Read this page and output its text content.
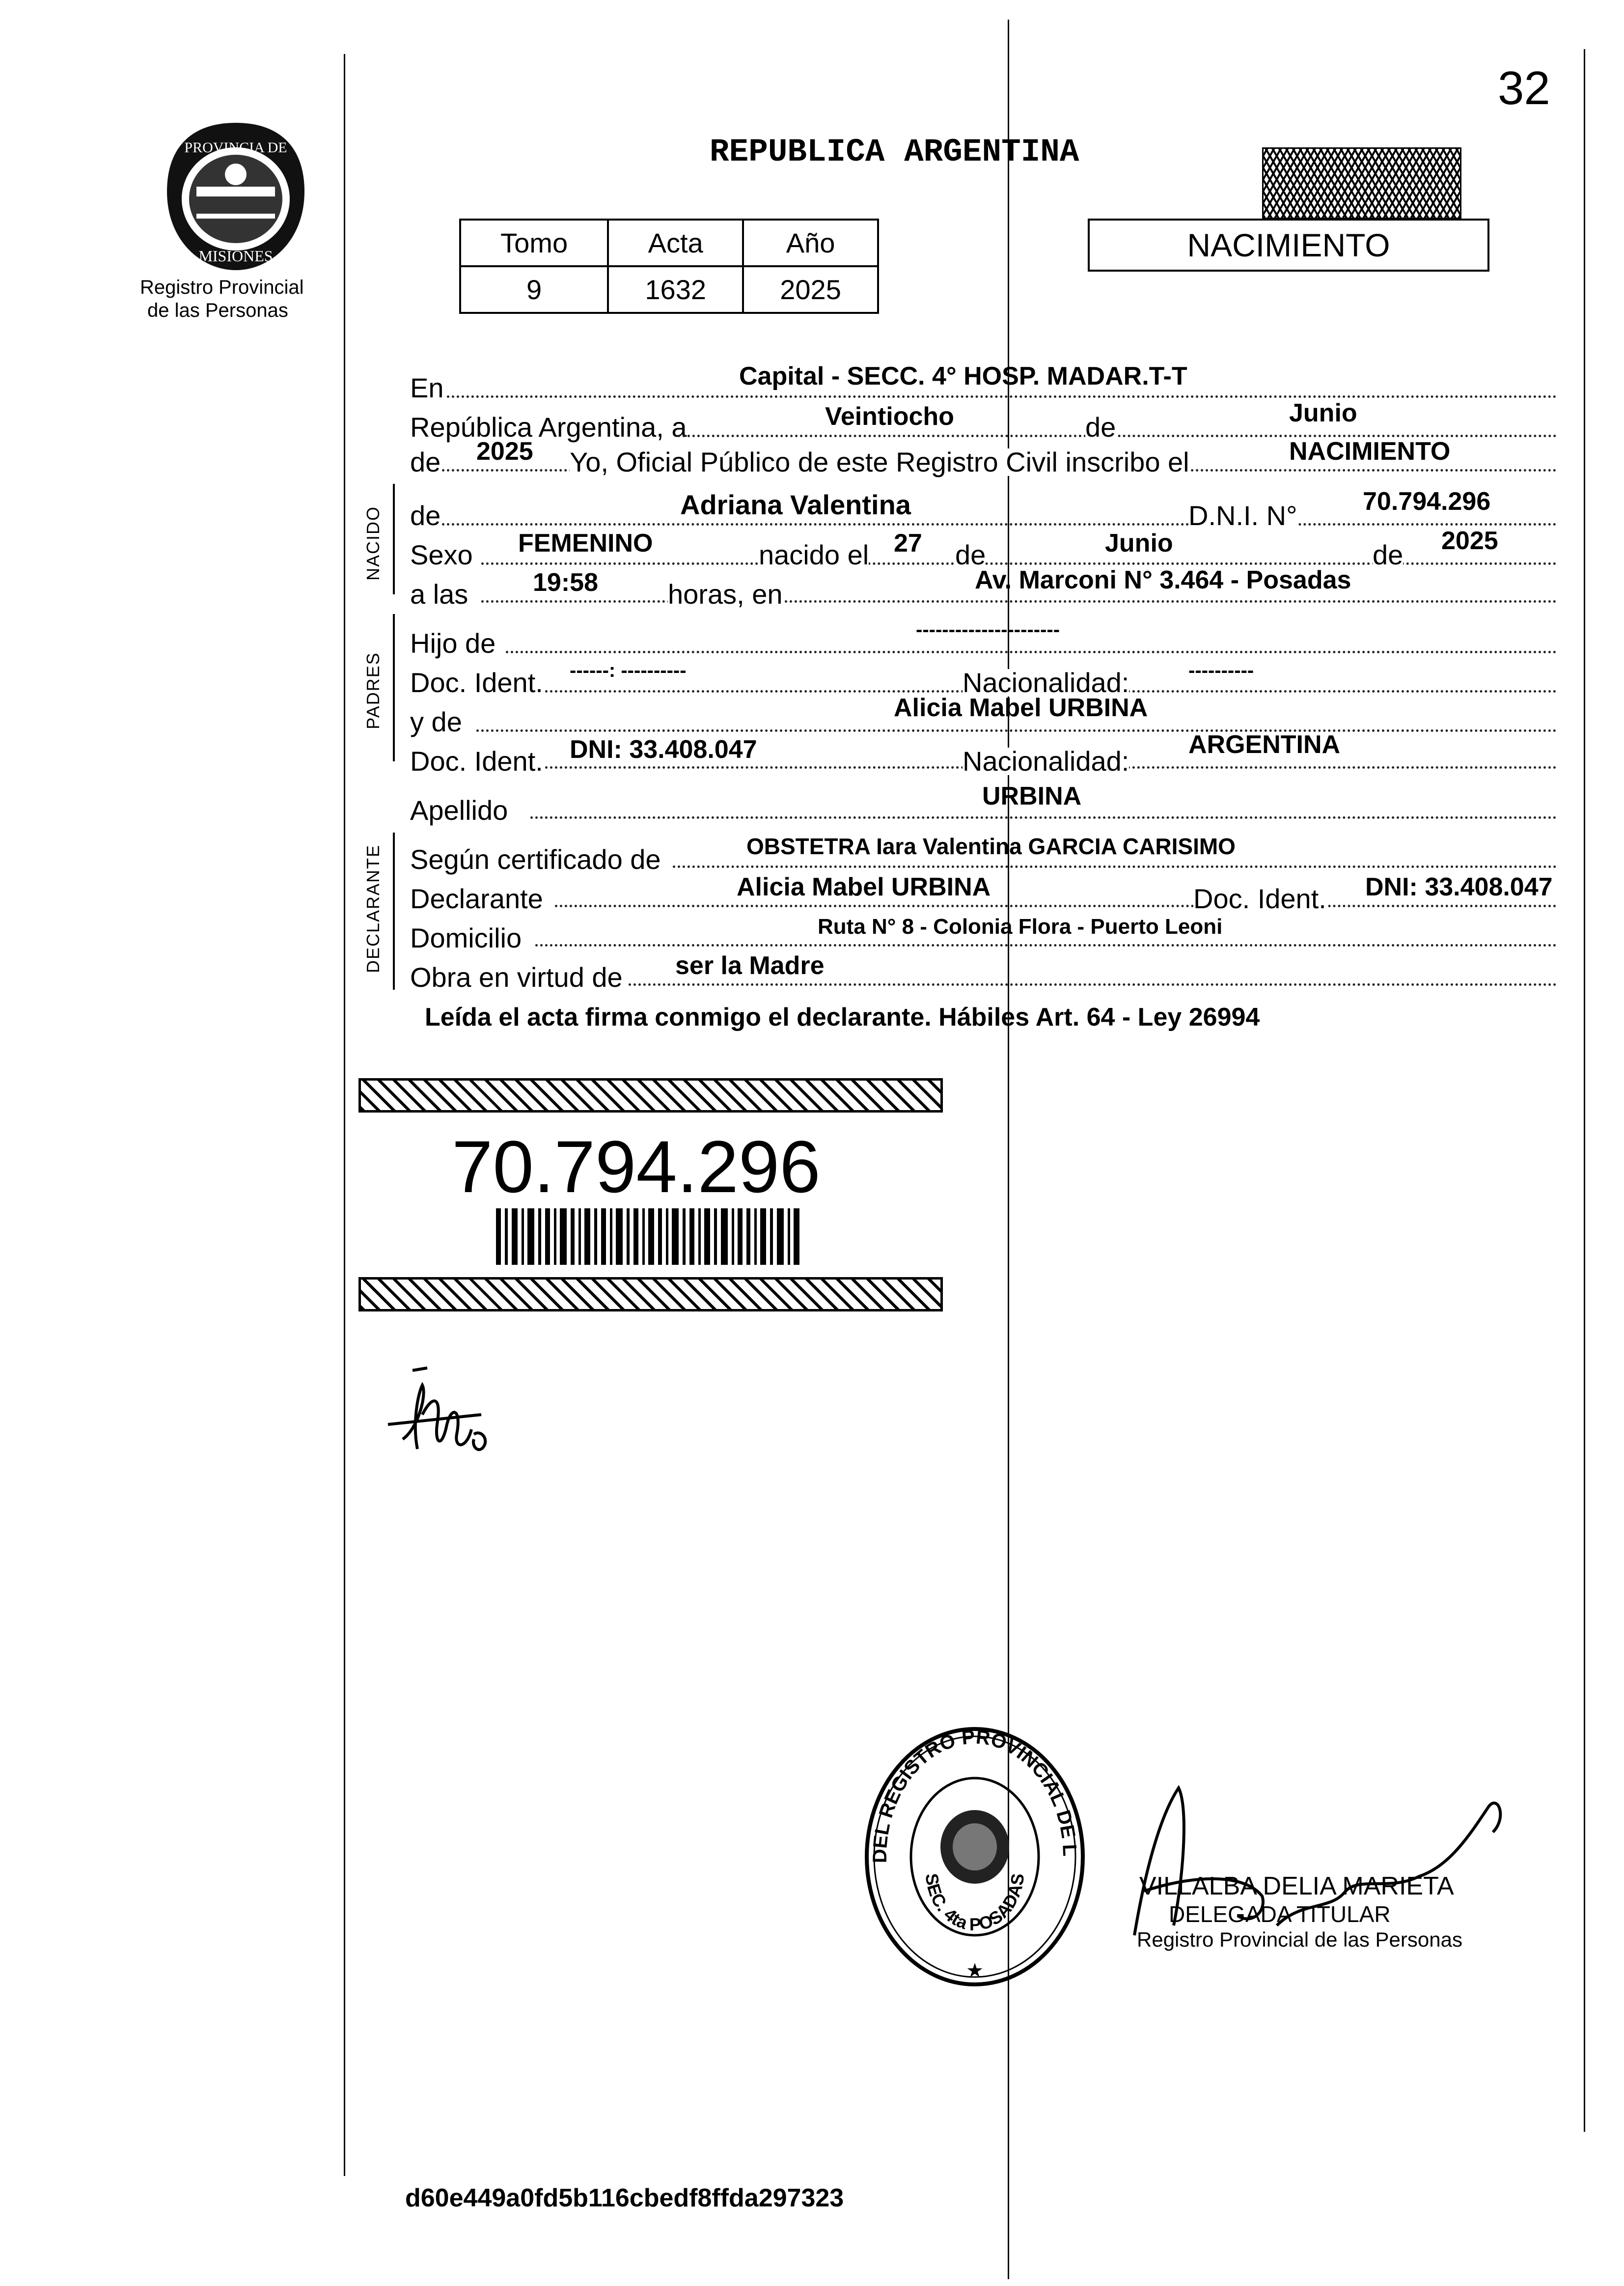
32
PROVINCIA DE
MISIONES
Registro Provincial
de las Personas
REPUBLICA ARGENTINA
NACIMIENTO
Tomo	Acta	Año
9	1632	2025
En	Capital - SECC. 4° HOSP. MADAR.T-T
República Argentina, a	Veintiocho	de	Junio
de 2025 Yo, Oficial Público de este Registro Civil inscribo el	NACIMIENTO
NACIDO de	Adriana Valentina	D.N.I. N°	70.794.296
Sexo FEMENINO	nacido el 27 de	Junio	de 2025
a las	19:58	horas, en	Av. Marconi N° 3.464 - Posadas
PADRES
Hijo de	----------------------
Doc. Ident. ------: ----------	Nacionalidad:	----------
y de	Alicia Mabel URBINA
Doc. Ident. DNI: 33.408.047	Nacionalidad:
ARGENTINA
Apellido	URBINA
DECLARANTE Según certificado de	OBSTETRA Iara Valentina GARCIA CARISIMO
Declarante	Alicia Mabel URBINA	Doc. Ident. DNI: 33.408.047
Domicilio	Ruta N° 8 - Colonia Flora - Puerto Leoni
Obra en virtud de ser la Madre
Leída el acta firma conmigo el declarante. Hábiles Art. 64 - Ley 26994
70.794.296
DEL REGISTRO PROVINCIAL DE L
SEC. 4ta POSADAS
★
VILLALBA DELIA MARIETA
DELEGADA TITULAR
Registro Provincial de las Personas
d60e449a0fd5b116cbedf8ffda297323
